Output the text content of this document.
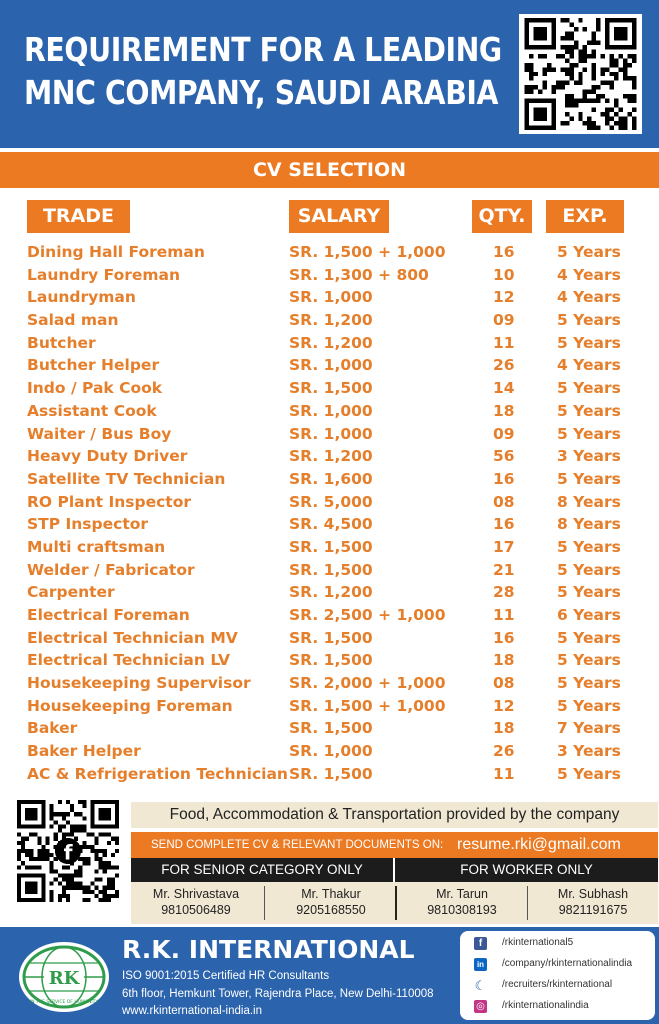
REQUIREMENT FOR A LEADING
MNC COMPANY, SAUDI ARABIA
CV SELECTION
TRADE	SALARY	QTY.	EXP.
Dining Hall Foreman	SR. 1,500 + 1,000	16	5 Years
Laundry Foreman	SR. 1,300 + 800	10	4 Years
Laundryman	SR. 1,000	12	4 Years
Salad man	SR. 1,200	09	5 Years
Butcher	SR. 1,200	11	5 Years
Butcher Helper	SR. 1,000	26	4 Years
Indo / Pak Cook	SR. 1,500	14	5 Years
Assistant Cook	SR. 1,000	18	5 Years
Waiter / Bus Boy	SR. 1,000	09	5 Years
Heavy Duty Driver	SR. 1,200	56	3 Years
Satellite TV Technician	SR. 1,600	16	5 Years
RO Plant Inspector	SR. 5,000	08	8 Years
STP Inspector	SR. 4,500	16	8 Years
Multi craftsman	SR. 1,500	17	5 Years
Welder / Fabricator	SR. 1,500	21	5 Years
Carpenter	SR. 1,200	28	5 Years
Electrical Foreman	SR. 2,500 + 1,000	11	6 Years
Electrical Technician MV	SR. 1,500	16	5 Years
Electrical Technician LV	SR. 1,500	18	5 Years
Housekeeping Supervisor SR. 2,000 + 1,000	08	5 Years
Housekeeping Foreman	SR. 1,500 + 1,000	12	5 Years
Baker	SR. 1,500	18	7 Years
Baker Helper	SR. 1,000	26	3 Years
AC & Refrigeration Technician SR. 1,500	11	5 Years
f
Food, Accommodation & Transportation provided by the company
SEND COMPLETE CV & RELEVANT DOCUMENTS ON: resume.rki@gmail.com
FOR SENIOR CATEGORY ONLY	FOR WORKER ONLY
Mr. Shrivastava
9810506489
Mr. Thakur
9205168550
Mr. Tarun
9810308193
Mr. Subhash
9821191675
RK
IN THE SERVICE OF HUMANITY
R.K. INTERNATIONAL
ISO 9001:2015 Certified HR Consultants
6th floor, Hemkunt Tower, Rajendra Place, New Delhi-110008
www.rkinternational-india.in
f	/rkinternational5
in /company/rkinternationalindia
☾ /recruiters/rkinternational
◎ /rkinternationalindia
